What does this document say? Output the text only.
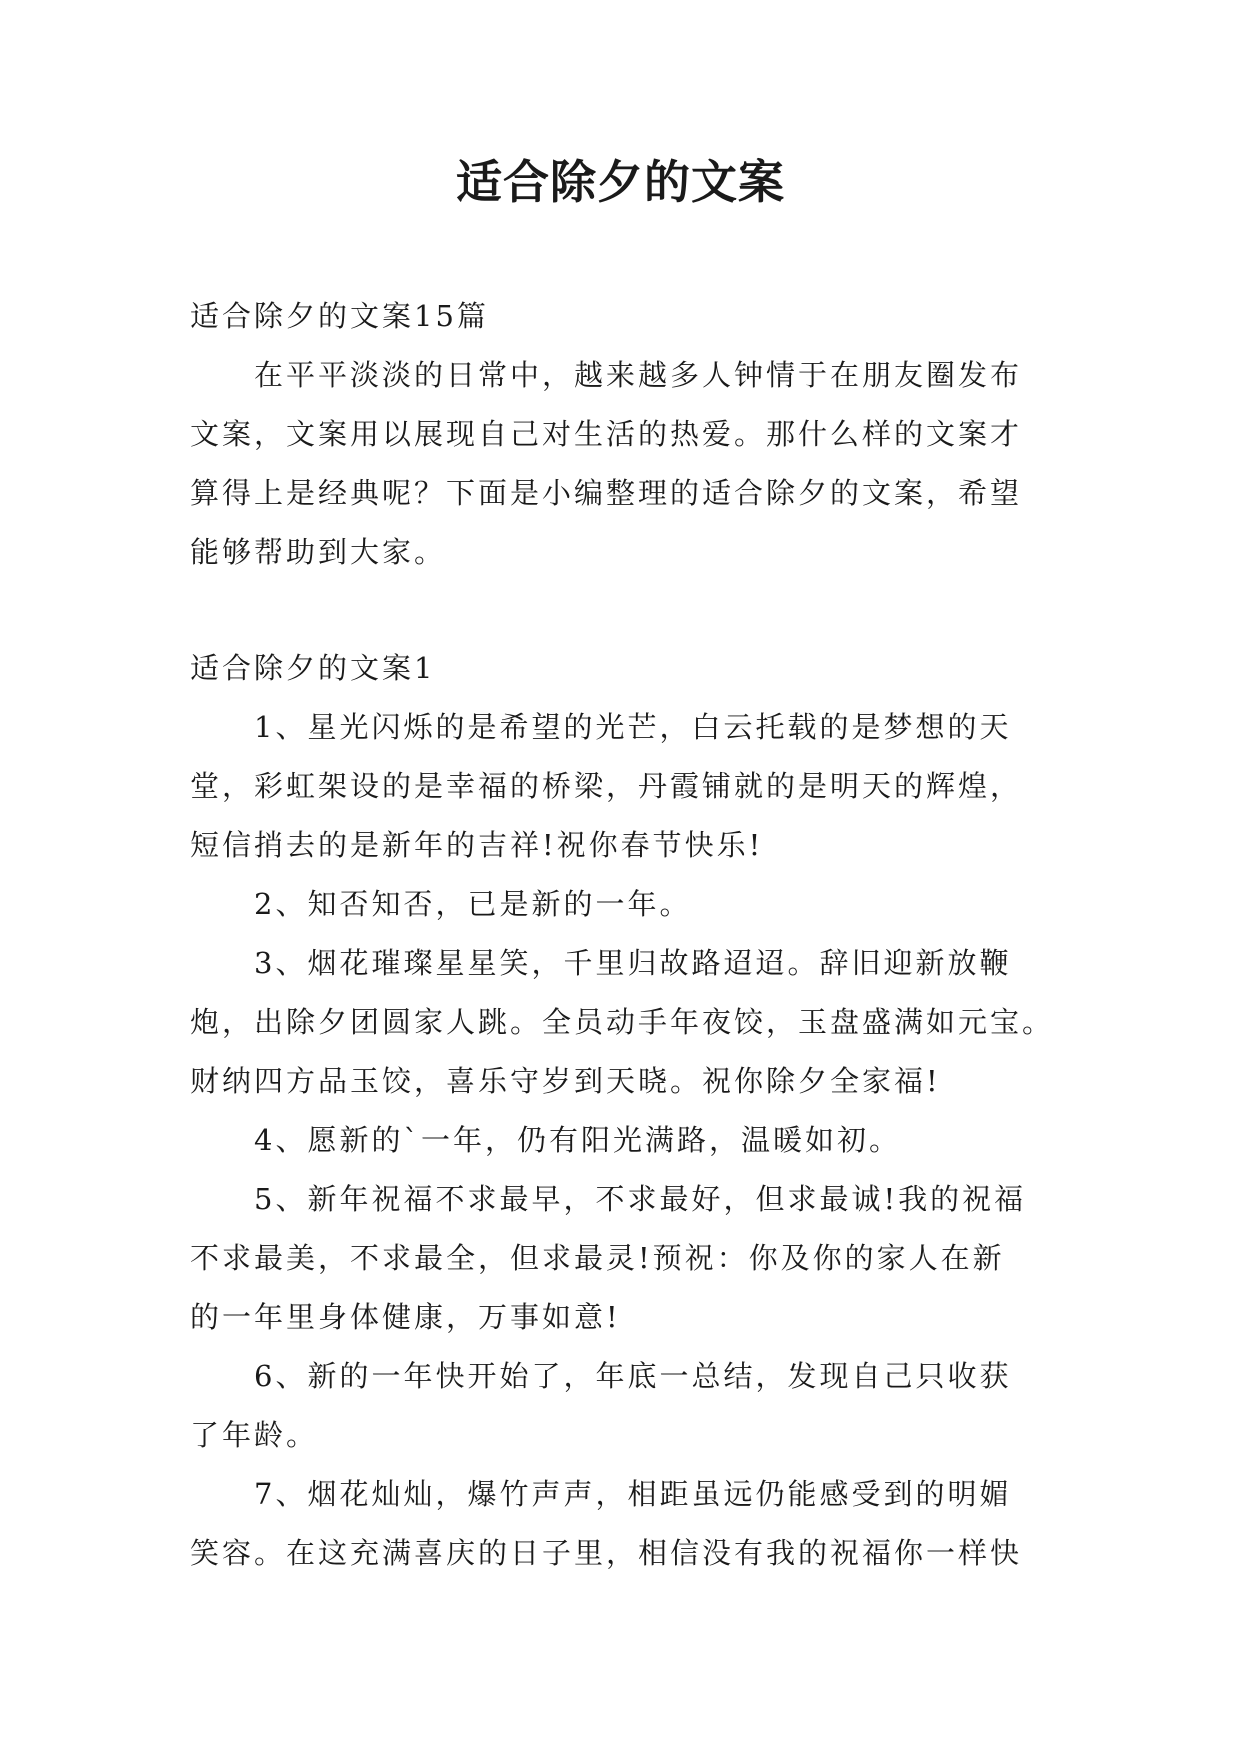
适合除夕的文案

适合除夕的文案15篇

　　在平平淡淡的日常中，越来越多人钟情于在朋友圈发布

文案，文案用以展现自己对生活的热爱。那什么样的文案才

算得上是经典呢？下面是小编整理的适合除夕的文案，希望

能够帮助到大家。

适合除夕的文案1

　　1、星光闪烁的是希望的光芒，白云托载的是梦想的天

堂，彩虹架设的是幸福的桥梁，丹霞铺就的是明天的辉煌，

短信捎去的是新年的吉祥!祝你春节快乐!

　　2、知否知否，已是新的一年。

　　3、烟花璀璨星星笑，千里归故路迢迢。辞旧迎新放鞭

炮，出除夕团圆家人跳。全员动手年夜饺，玉盘盛满如元宝。

财纳四方品玉饺，喜乐守岁到天晓。祝你除夕全家福!

　　4、愿新的`一年，仍有阳光满路，温暖如初。

　　5、新年祝福不求最早，不求最好，但求最诚!我的祝福

不求最美，不求最全，但求最灵!预祝：你及你的家人在新

的一年里身体健康，万事如意!

　　6、新的一年快开始了，年底一总结，发现自己只收获

了年龄。

　　7、烟花灿灿，爆竹声声，相距虽远仍能感受到的明媚

笑容。在这充满喜庆的日子里，相信没有我的祝福你一样快
